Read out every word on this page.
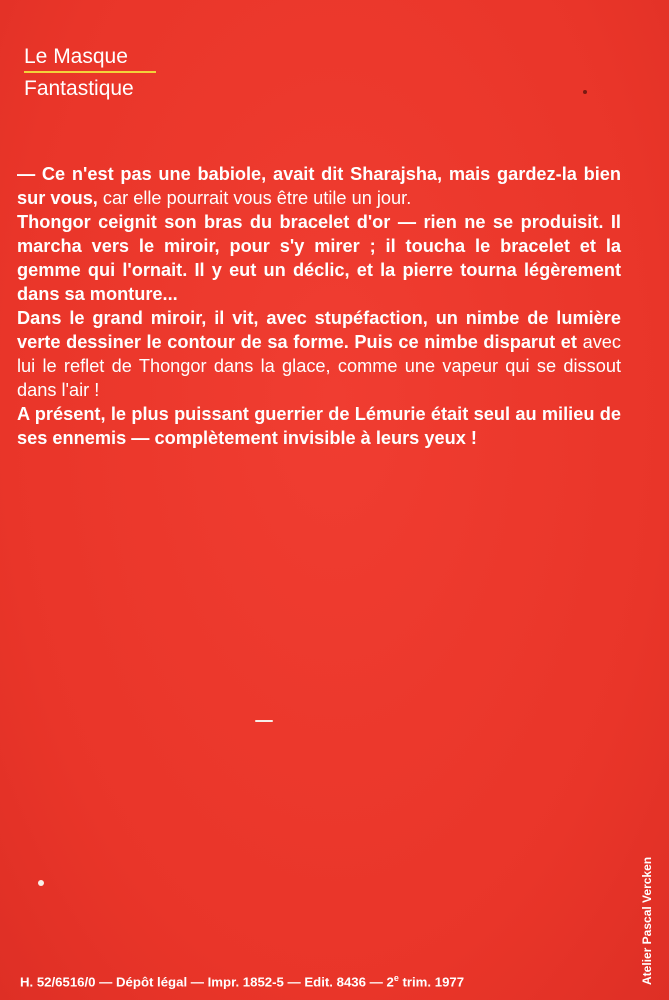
Le Masque
Fantastique

— Ce n'est pas une babiole, avait dit Sharajsha, mais gardez-la bien sur vous, car elle pourrait vous être utile un jour.

Thongor ceignit son bras du bracelet d'or — rien ne se produisit. Il marcha vers le miroir, pour s'y mirer ; il toucha le bracelet et la gemme qui l'ornait. Il y eut un déclic, et la pierre tourna légèrement dans sa monture...

Dans le grand miroir, il vit, avec stupéfaction, un nimbe de lumière verte dessiner le contour de sa forme. Puis ce nimbe disparut et avec lui le reflet de Thongor dans la glace, comme une vapeur qui se dissout dans l'air !

A présent, le plus puissant guerrier de Lémurie était seul au milieu de ses ennemis — complètement invisible à leurs yeux !

Atelier Pascal Vercken
H. 52/6516/0 — Dépôt légal — Impr. 1852-5 — Edit. 8436 — 2e trim. 1977
